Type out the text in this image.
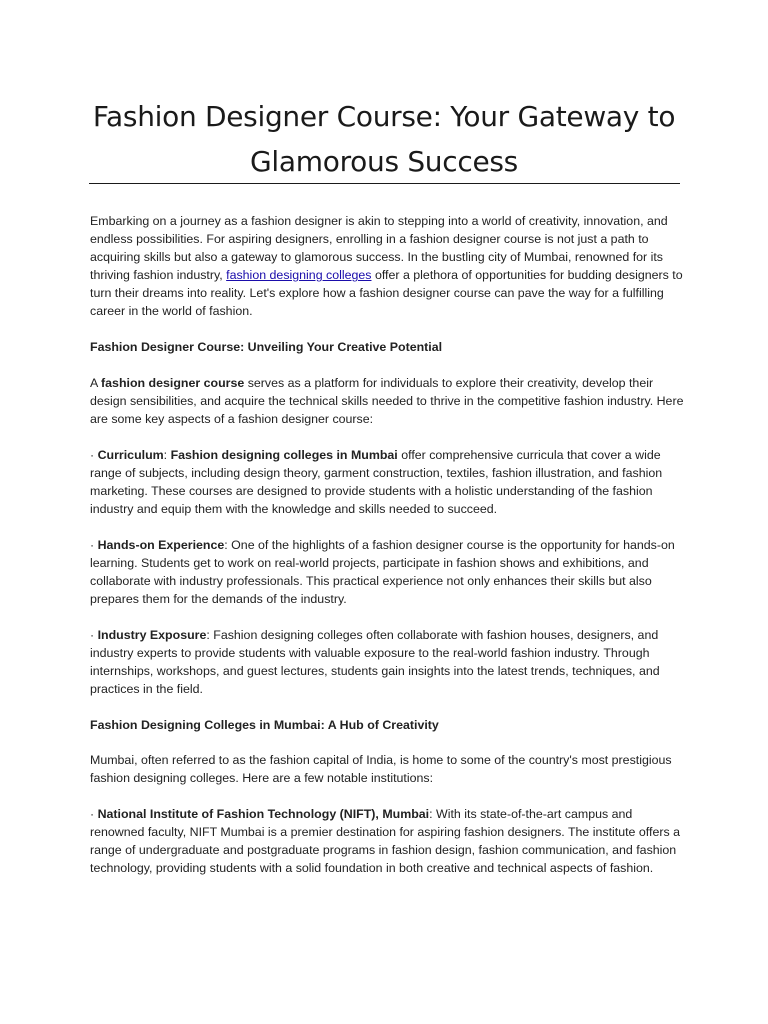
Fashion Designer Course: Your Gateway to
Glamorous Success

Embarking on a journey as a fashion designer is akin to stepping into a world of creativity, innovation, and endless possibilities. For aspiring designers, enrolling in a fashion designer course is not just a path to acquiring skills but also a gateway to glamorous success. In the bustling city of Mumbai, renowned for its thriving fashion industry, fashion designing colleges offer a plethora of opportunities for budding designers to turn their dreams into reality. Let's explore how a fashion designer course can pave the way for a fulfilling career in the world of fashion.

Fashion Designer Course: Unveiling Your Creative Potential

A fashion designer course serves as a platform for individuals to explore their creativity, develop their design sensibilities, and acquire the technical skills needed to thrive in the competitive fashion industry. Here are some key aspects of a fashion designer course:

· Curriculum: Fashion designing colleges in Mumbai offer comprehensive curricula that cover a wide range of subjects, including design theory, garment construction, textiles, fashion illustration, and fashion marketing. These courses are designed to provide students with a holistic understanding of the fashion industry and equip them with the knowledge and skills needed to succeed.

· Hands-on Experience: One of the highlights of a fashion designer course is the opportunity for hands-on learning. Students get to work on real-world projects, participate in fashion shows and exhibitions, and collaborate with industry professionals. This practical experience not only enhances their skills but also prepares them for the demands of the industry.

· Industry Exposure: Fashion designing colleges often collaborate with fashion houses, designers, and industry experts to provide students with valuable exposure to the real-world fashion industry. Through internships, workshops, and guest lectures, students gain insights into the latest trends, techniques, and practices in the field.

Fashion Designing Colleges in Mumbai: A Hub of Creativity

Mumbai, often referred to as the fashion capital of India, is home to some of the country's most prestigious fashion designing colleges. Here are a few notable institutions:

· National Institute of Fashion Technology (NIFT), Mumbai: With its state-of-the-art campus and renowned faculty, NIFT Mumbai is a premier destination for aspiring fashion designers. The institute offers a range of undergraduate and postgraduate programs in fashion design, fashion communication, and fashion technology, providing students with a solid foundation in both creative and technical aspects of fashion.
